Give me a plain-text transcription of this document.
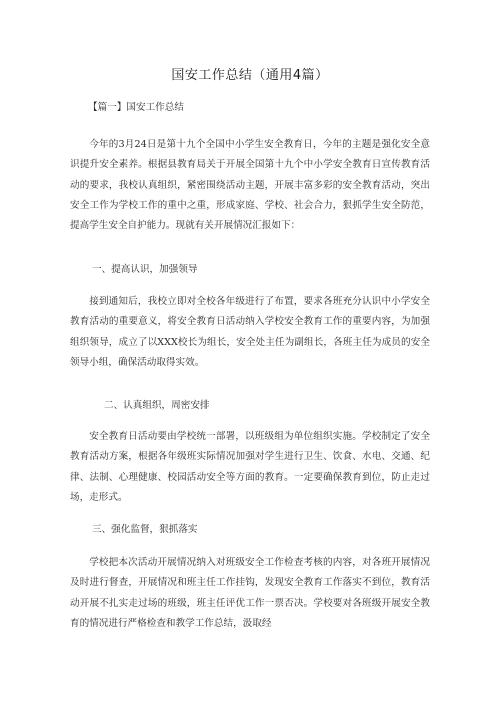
国安工作总结（通用4篇）
【篇一】国安工作总结

今年的3月24日是第十九个全国中小学生安全教育日，今年的主题是强化安全意识提升安全素养。根据县教育局关于开展全国第十九个中小学安全教育日宣传教育活动的要求，我校认真组织，紧密围绕活动主题，开展丰富多彩的安全教育活动，突出安全工作为学校工作的重中之重，形成家庭、学校、社会合力，狠抓学生安全防范，提高学生安全自护能力。现就有关开展情况汇报如下：

一、提高认识，加强领导

接到通知后，我校立即对全校各年级进行了布置，要求各班充分认识中小学安全教育活动的重要意义，将安全教育日活动纳入学校安全教育工作的重要内容，为加强组织领导，成立了以XXX校长为组长，安全处主任为副组长，各班主任为成员的安全领导小组，确保活动取得实效。

二、认真组织，周密安排

安全教育日活动要由学校统一部署，以班级组为单位组织实施。学校制定了安全教育活动方案，根据各年级班实际情况加强对学生进行卫生、饮食、水电、交通、纪律、法制、心理健康、校园活动安全等方面的教育。一定要确保教育到位，防止走过场，走形式。

三、强化监督，狠抓落实

学校把本次活动开展情况纳入对班级安全工作检查考核的内容，对各班开展情况及时进行督查，开展情况和班主任工作挂钩，发现安全教育工作落实不到位，教育活动开展不扎实走过场的班级，班主任评优工作一票否决。学校要对各班级开展安全教育的情况进行严格检查和教学工作总结，汲取经
